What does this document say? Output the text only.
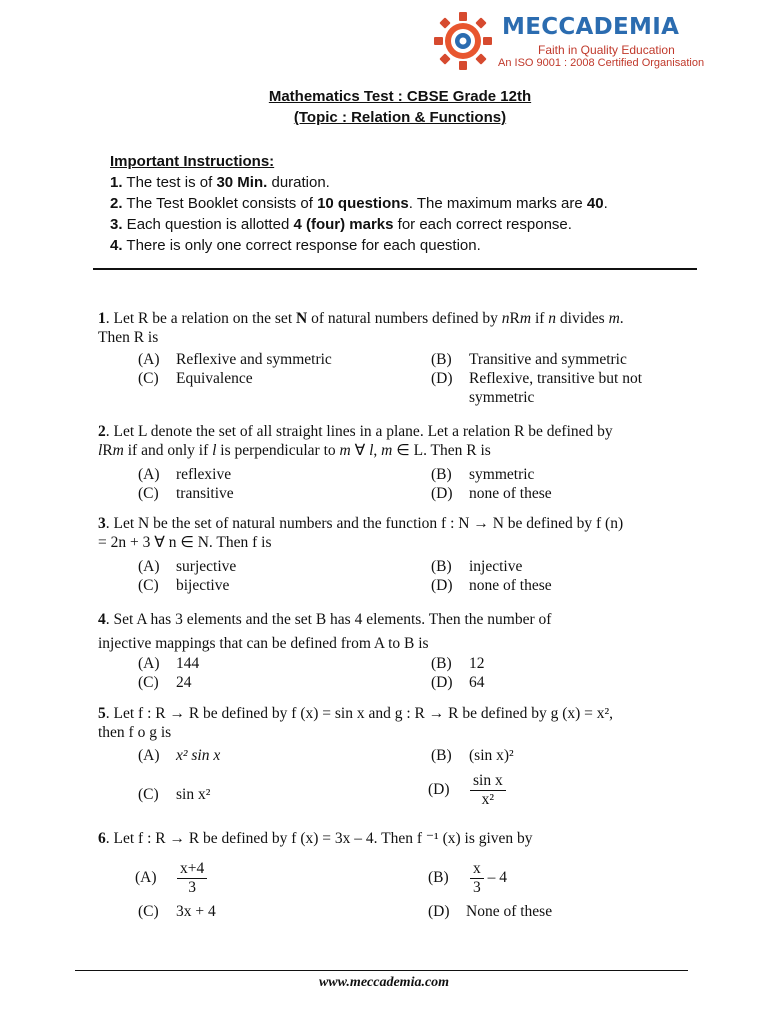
MECCADEMIA
Faith in Quality Education
An ISO 9001 : 2008 Certified Organisation
Mathematics Test : CBSE Grade 12th
(Topic : Relation & Functions)
Important Instructions:
1. The test is of 30 Min. duration.
2. The Test Booklet consists of 10 questions. The maximum marks are 40.
3. Each question is allotted 4 (four) marks for each correct response.
4. There is only one correct response for each question.
1. Let R be a relation on the set N of natural numbers defined by nRm if n divides m.
Then R is
(A) Reflexive and symmetric	(B) Transitive and symmetric
(C) Equivalence	(D) Reflexive, transitive but not
symmetric
2. Let L denote the set of all straight lines in a plane. Let a relation R be defined by
lRm if and only if l is perpendicular to m ∀ l, m ∈ L. Then R is
(A) reflexive	(B) symmetric
(C) transitive	(D) none of these
3. Let N be the set of natural numbers and the function f : N → N be defined by f (n)
= 2n + 3 ∀ n ∈ N. Then f is
(A) surjective	(B) injective
(C) bijective	(D) none of these
4. Set A has 3 elements and the set B has 4 elements. Then the number of
injective mappings that can be defined from A to B is
(A) 144	(B) 12
(C) 24	(D) 64
5. Let f : R → R be defined by f (x) = sin x and g : R → R be defined by g (x) = x²,
then f o g is
(A) x² sin x	(B) (sin x)²
(C) sin x²	$(D) \frac{\text{sin x}}{\text{x²}}$
6. Let f : R → R be defined by f (x) = 3x – 4. Then f ⁻¹ (x) is given by
$(A) \frac{x+4}{3}$	$(B) \frac{x}{3} - 4$
(C) 3x + 4	(D) None of these
www.meccademia.com
